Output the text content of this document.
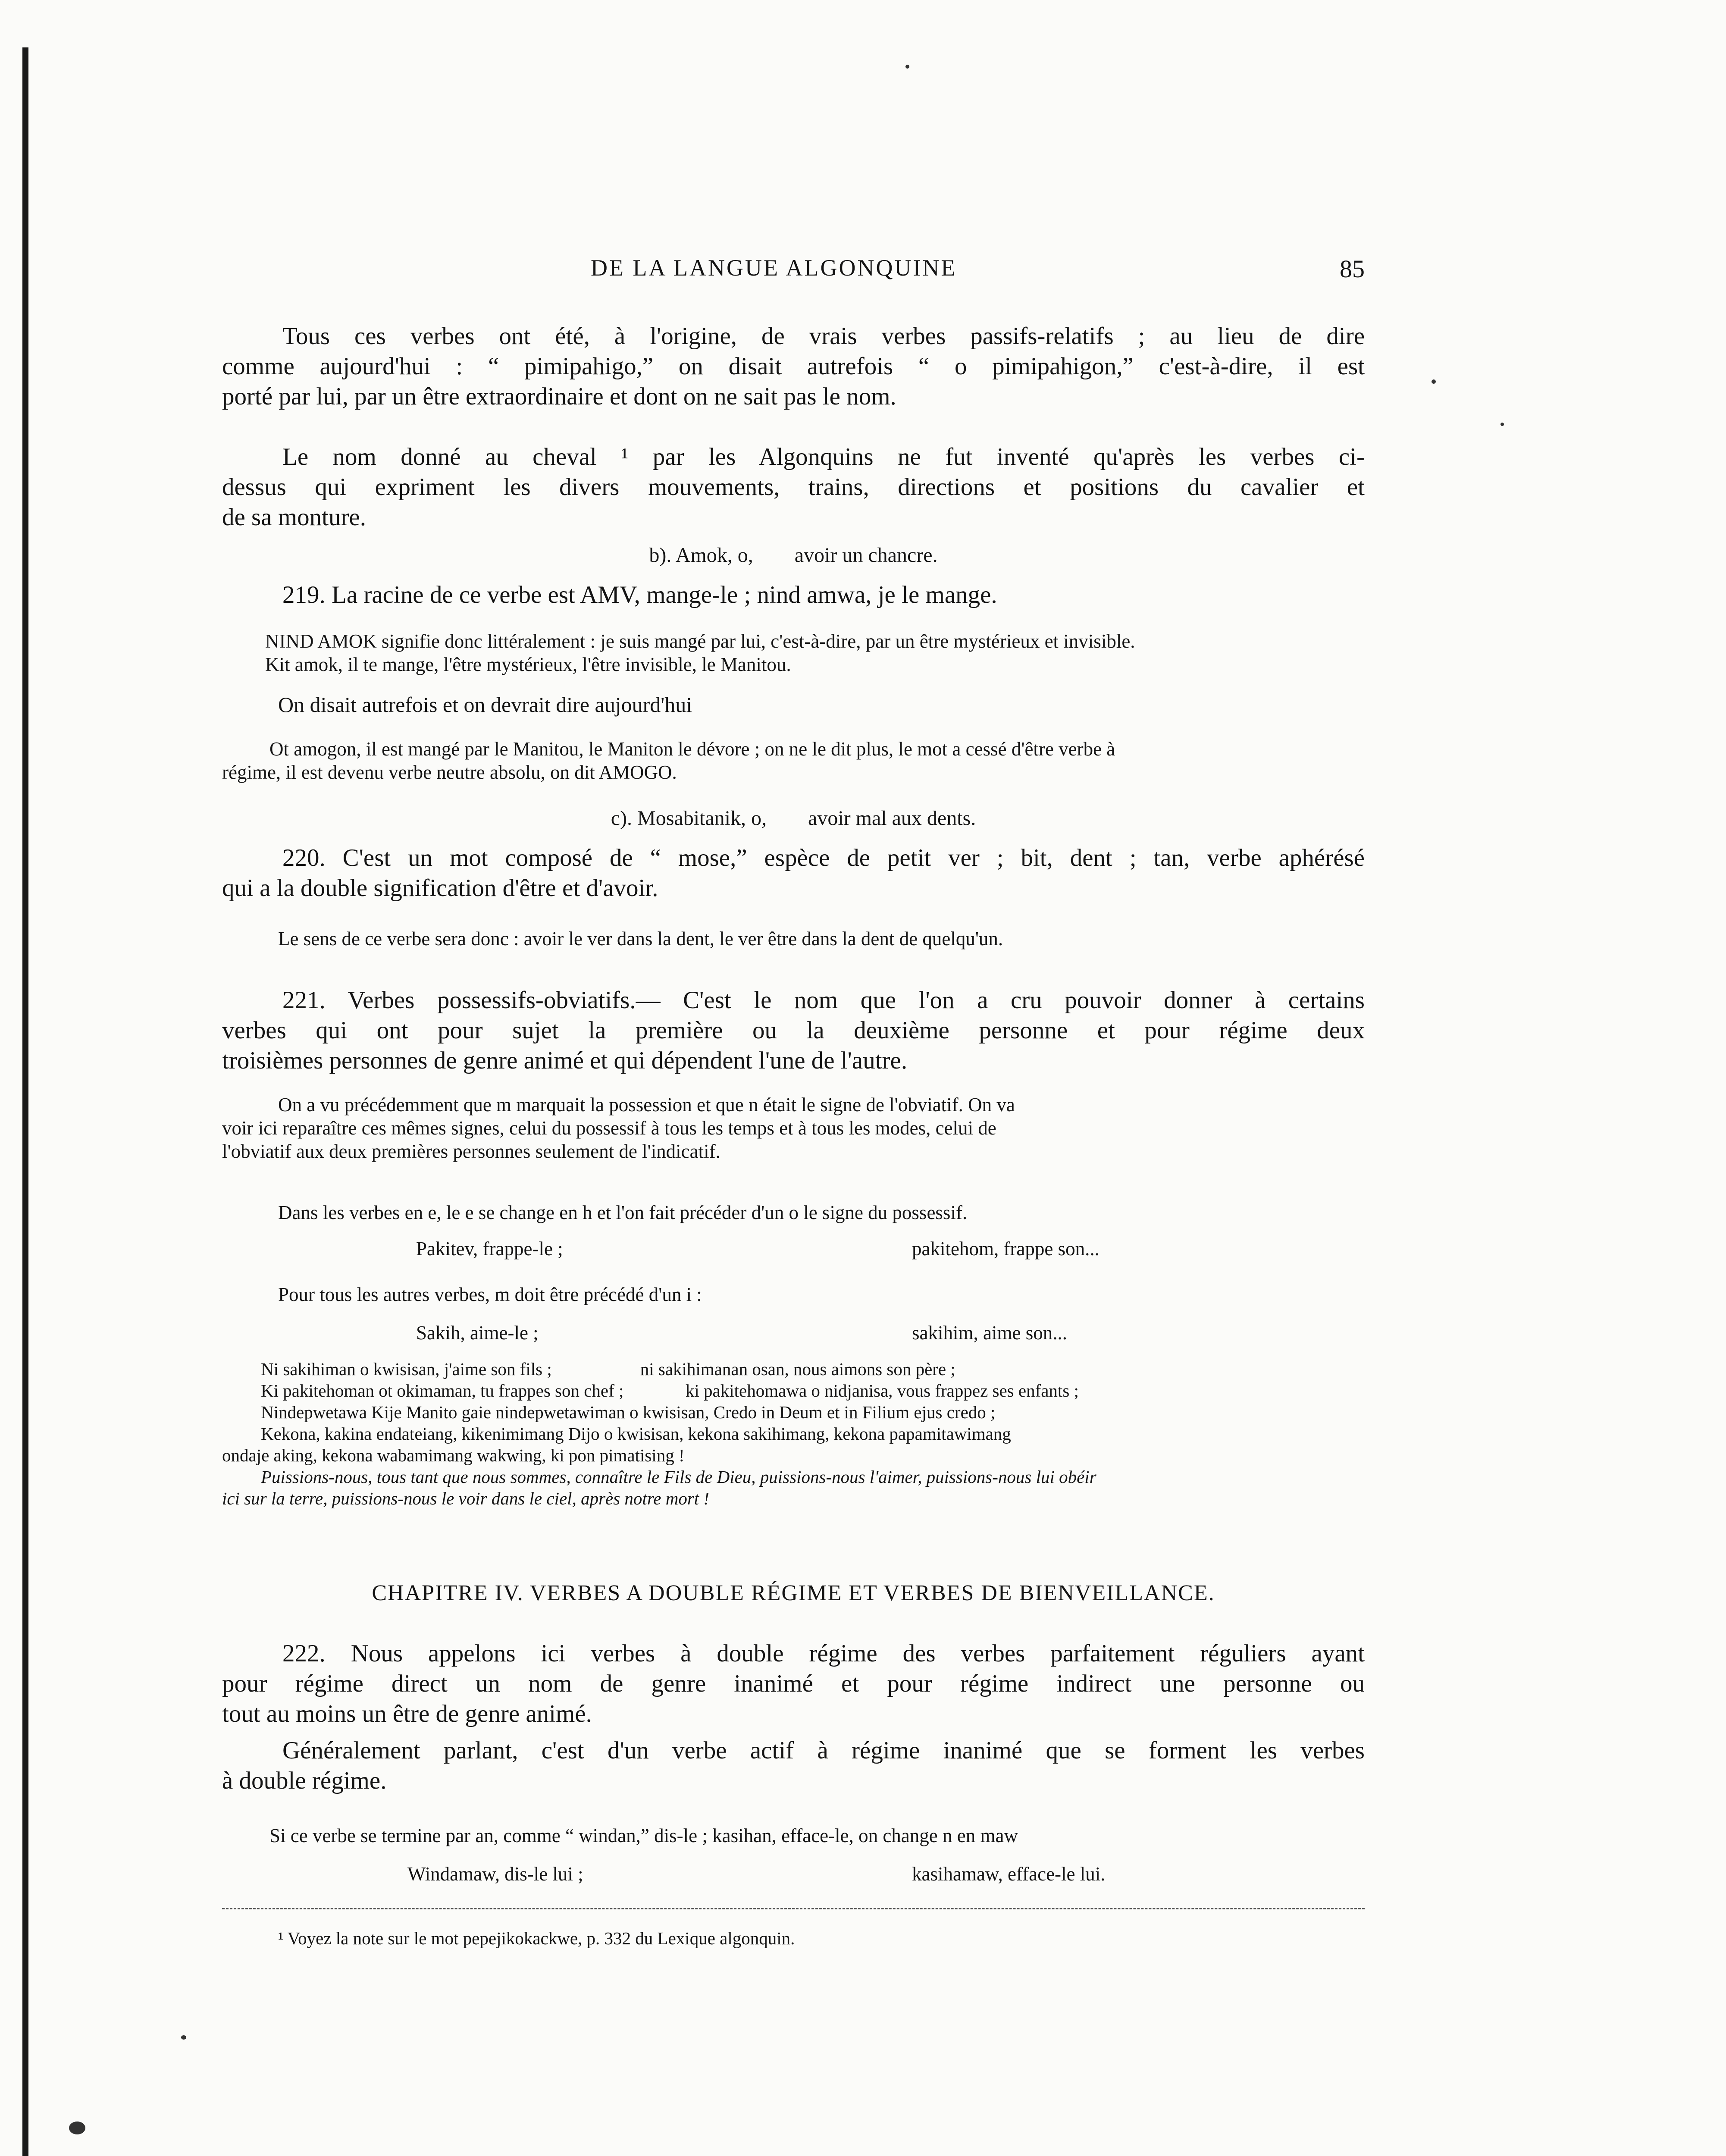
DE LA LANGUE ALGONQUINE	85
Tous ces verbes ont été, à l'origine, de vrais verbes passifs-relatifs ; au lieu de dire
comme aujourd'hui : “ pimipahigo,” on disait autrefois “ o pimipahigon,” c'est-à-dire, il est
porté par lui, par un être extraordinaire et dont on ne sait pas le nom.
Le nom donné au cheval ¹ par les Algonquins ne fut inventé qu'après les verbes ci-
dessus qui expriment les divers mouvements, trains, directions et positions du cavalier et
de sa monture.
b). Amok, o,        avoir un chancre.
219. La racine de ce verbe est AMV, mange-le ; nind amwa, je le mange.
NIND AMOK signifie donc littéralement : je suis mangé par lui, c'est-à-dire, par un être mystérieux et invisible.
Kit amok, il te mange, l'être mystérieux, l'être invisible, le Manitou.
On disait autrefois et on devrait dire aujourd'hui
Ot amogon, il est mangé par le Manitou, le Maniton le dévore ; on ne le dit plus, le mot a cessé d'être verbe à
régime, il est devenu verbe neutre absolu, on dit AMOGO.
c). Mosabitanik, o,        avoir mal aux dents.
220. C'est un mot composé de “ mose,” espèce de petit ver ; bit, dent ; tan, verbe aphérésé
qui a la double signification d'être et d'avoir.
Le sens de ce verbe sera donc : avoir le ver dans la dent, le ver être dans la dent de quelqu'un.
221. Verbes possessifs-obviatifs.— C'est le nom que l'on a cru pouvoir donner à certains
verbes qui ont pour sujet la première ou la deuxième personne et pour régime deux
troisièmes personnes de genre animé et qui dépendent l'une de l'autre.
On a vu précédemment que m marquait la possession et que n était le signe de l'obviatif. On va
voir ici reparaître ces mêmes signes, celui du possessif à tous les temps et à tous les modes, celui de
l'obviatif aux deux premières personnes seulement de l'indicatif.
Dans les verbes en e, le e se change en h et l'on fait précéder d'un o le signe du possessif.
Pakitev, frappe-le ;	pakitehom, frappe son...
Pour tous les autres verbes, m doit être précédé d'un i :
Sakih, aime-le ;	sakihim, aime son...
Ni sakihiman o kwisisan, j'aime son fils ;                    ni sakihimanan osan, nous aimons son père ;
Ki pakitehoman ot okimaman, tu frappes son chef ;              ki pakitehomawa o nidjanisa, vous frappez ses enfants ;
Nindepwetawa Kije Manito gaie nindepwetawiman o kwisisan, Credo in Deum et in Filium ejus credo ;
Kekona, kakina endateiang, kikenimimang Dijo o kwisisan, kekona sakihimang, kekona papamitawimang
ondaje aking, kekona wabamimang wakwing, ki pon pimatising !
Puissions-nous, tous tant que nous sommes, connaître le Fils de Dieu, puissions-nous l'aimer, puissions-nous lui obéir
ici sur la terre, puissions-nous le voir dans le ciel, après notre mort !
CHAPITRE IV. VERBES A DOUBLE RÉGIME ET VERBES DE BIENVEILLANCE.
222. Nous appelons ici verbes à double régime des verbes parfaitement réguliers ayant
pour régime direct un nom de genre inanimé et pour régime indirect une personne ou
tout au moins un être de genre animé.
Généralement parlant, c'est d'un verbe actif à régime inanimé que se forment les verbes
à double régime.
Si ce verbe se termine par an, comme “ windan,” dis-le ; kasihan, efface-le, on change n en maw
Windamaw, dis-le lui ;	kasihamaw, efface-le lui.
¹ Voyez la note sur le mot pepejikokackwe, p. 332 du Lexique algonquin.
